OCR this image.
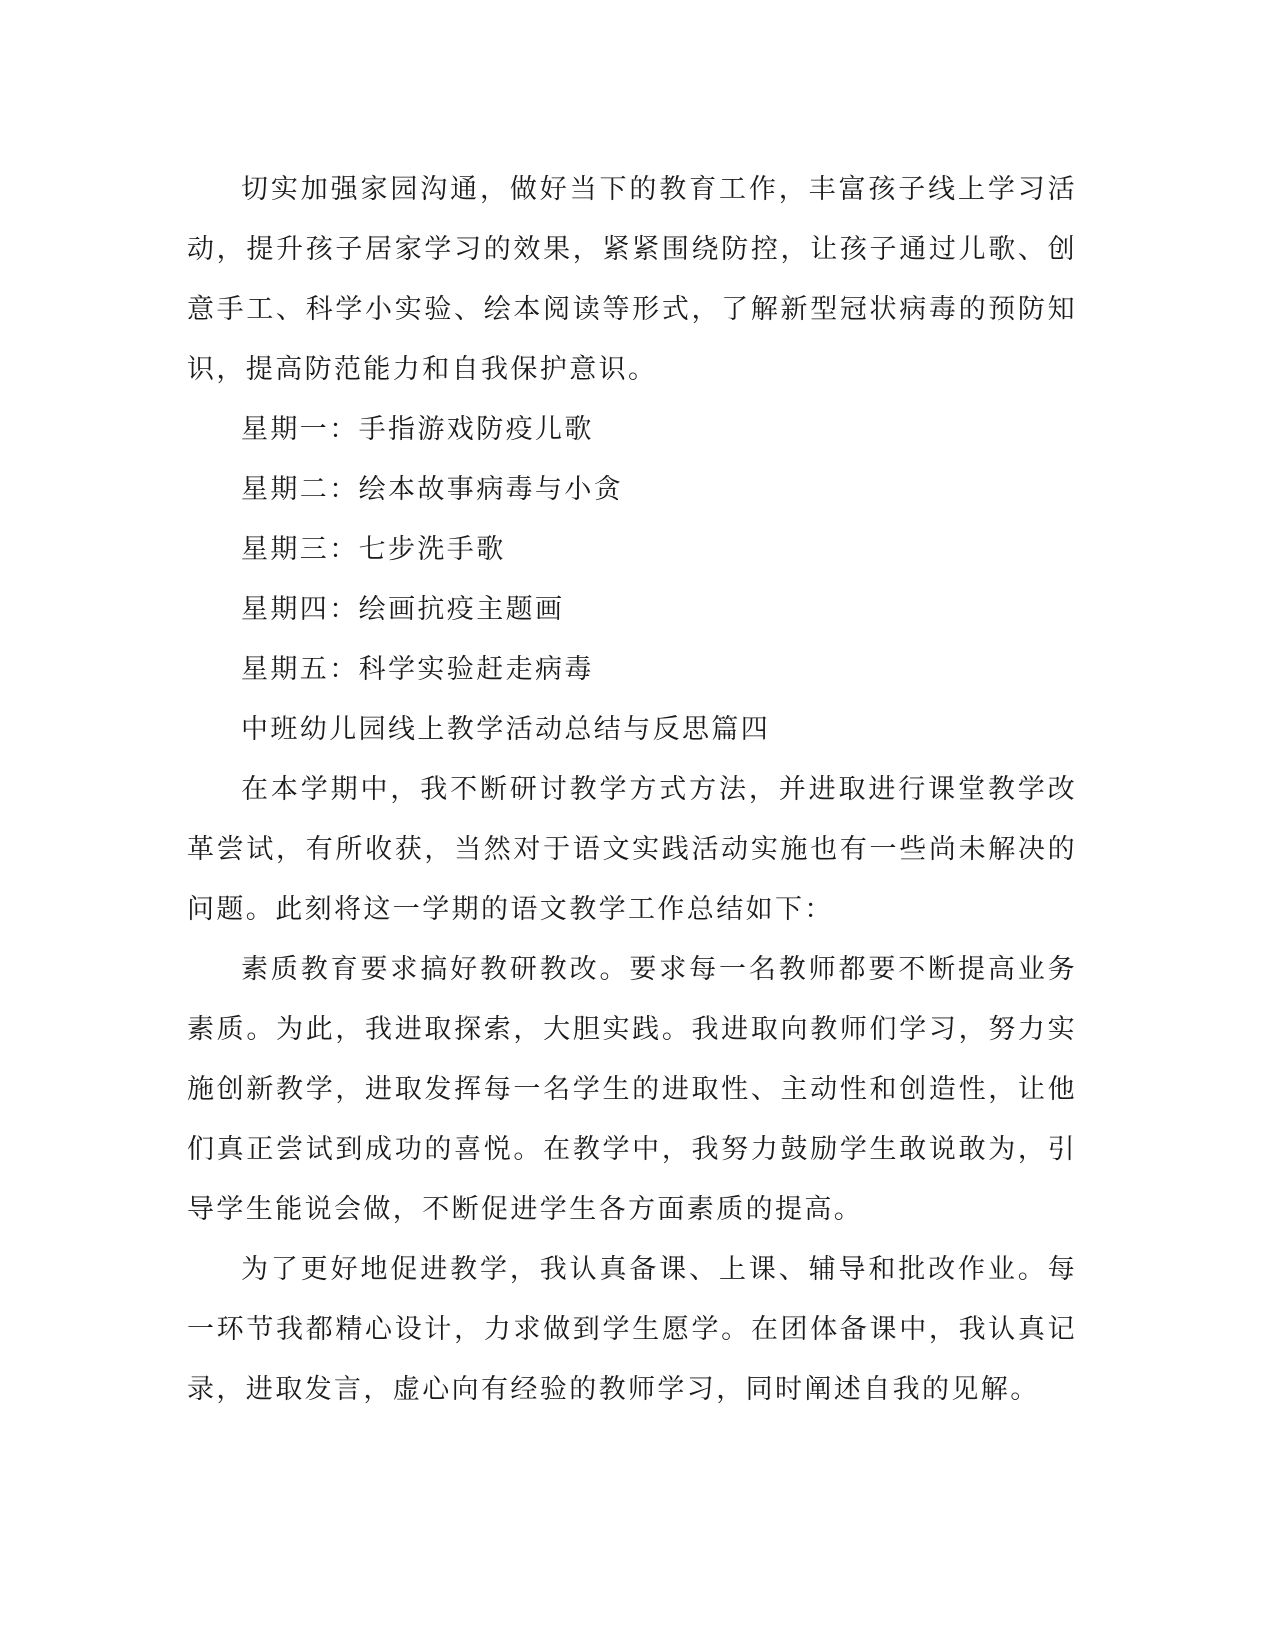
切实加强家园沟通，做好当下的教育工作，丰富孩子线上学习活动，提升孩子居家学习的效果，紧紧围绕防控，让孩子通过儿歌、创意手工、科学小实验、绘本阅读等形式，了解新型冠状病毒的预防知识，提高防范能力和自我保护意识。

星期一：手指游戏防疫儿歌

星期二：绘本故事病毒与小贪

星期三：七步洗手歌

星期四：绘画抗疫主题画

星期五：科学实验赶走病毒

中班幼儿园线上教学活动总结与反思篇四

在本学期中，我不断研讨教学方式方法，并进取进行课堂教学改革尝试，有所收获，当然对于语文实践活动实施也有一些尚未解决的问题。此刻将这一学期的语文教学工作总结如下：

素质教育要求搞好教研教改。要求每一名教师都要不断提高业务素质。为此，我进取探索，大胆实践。我进取向教师们学习，努力实施创新教学，进取发挥每一名学生的进取性、主动性和创造性，让他们真正尝试到成功的喜悦。在教学中，我努力鼓励学生敢说敢为，引导学生能说会做，不断促进学生各方面素质的提高。

为了更好地促进教学，我认真备课、上课、辅导和批改作业。每一环节我都精心设计，力求做到学生愿学。在团体备课中，我认真记录，进取发言，虚心向有经验的教师学习，同时阐述自我的见解。
